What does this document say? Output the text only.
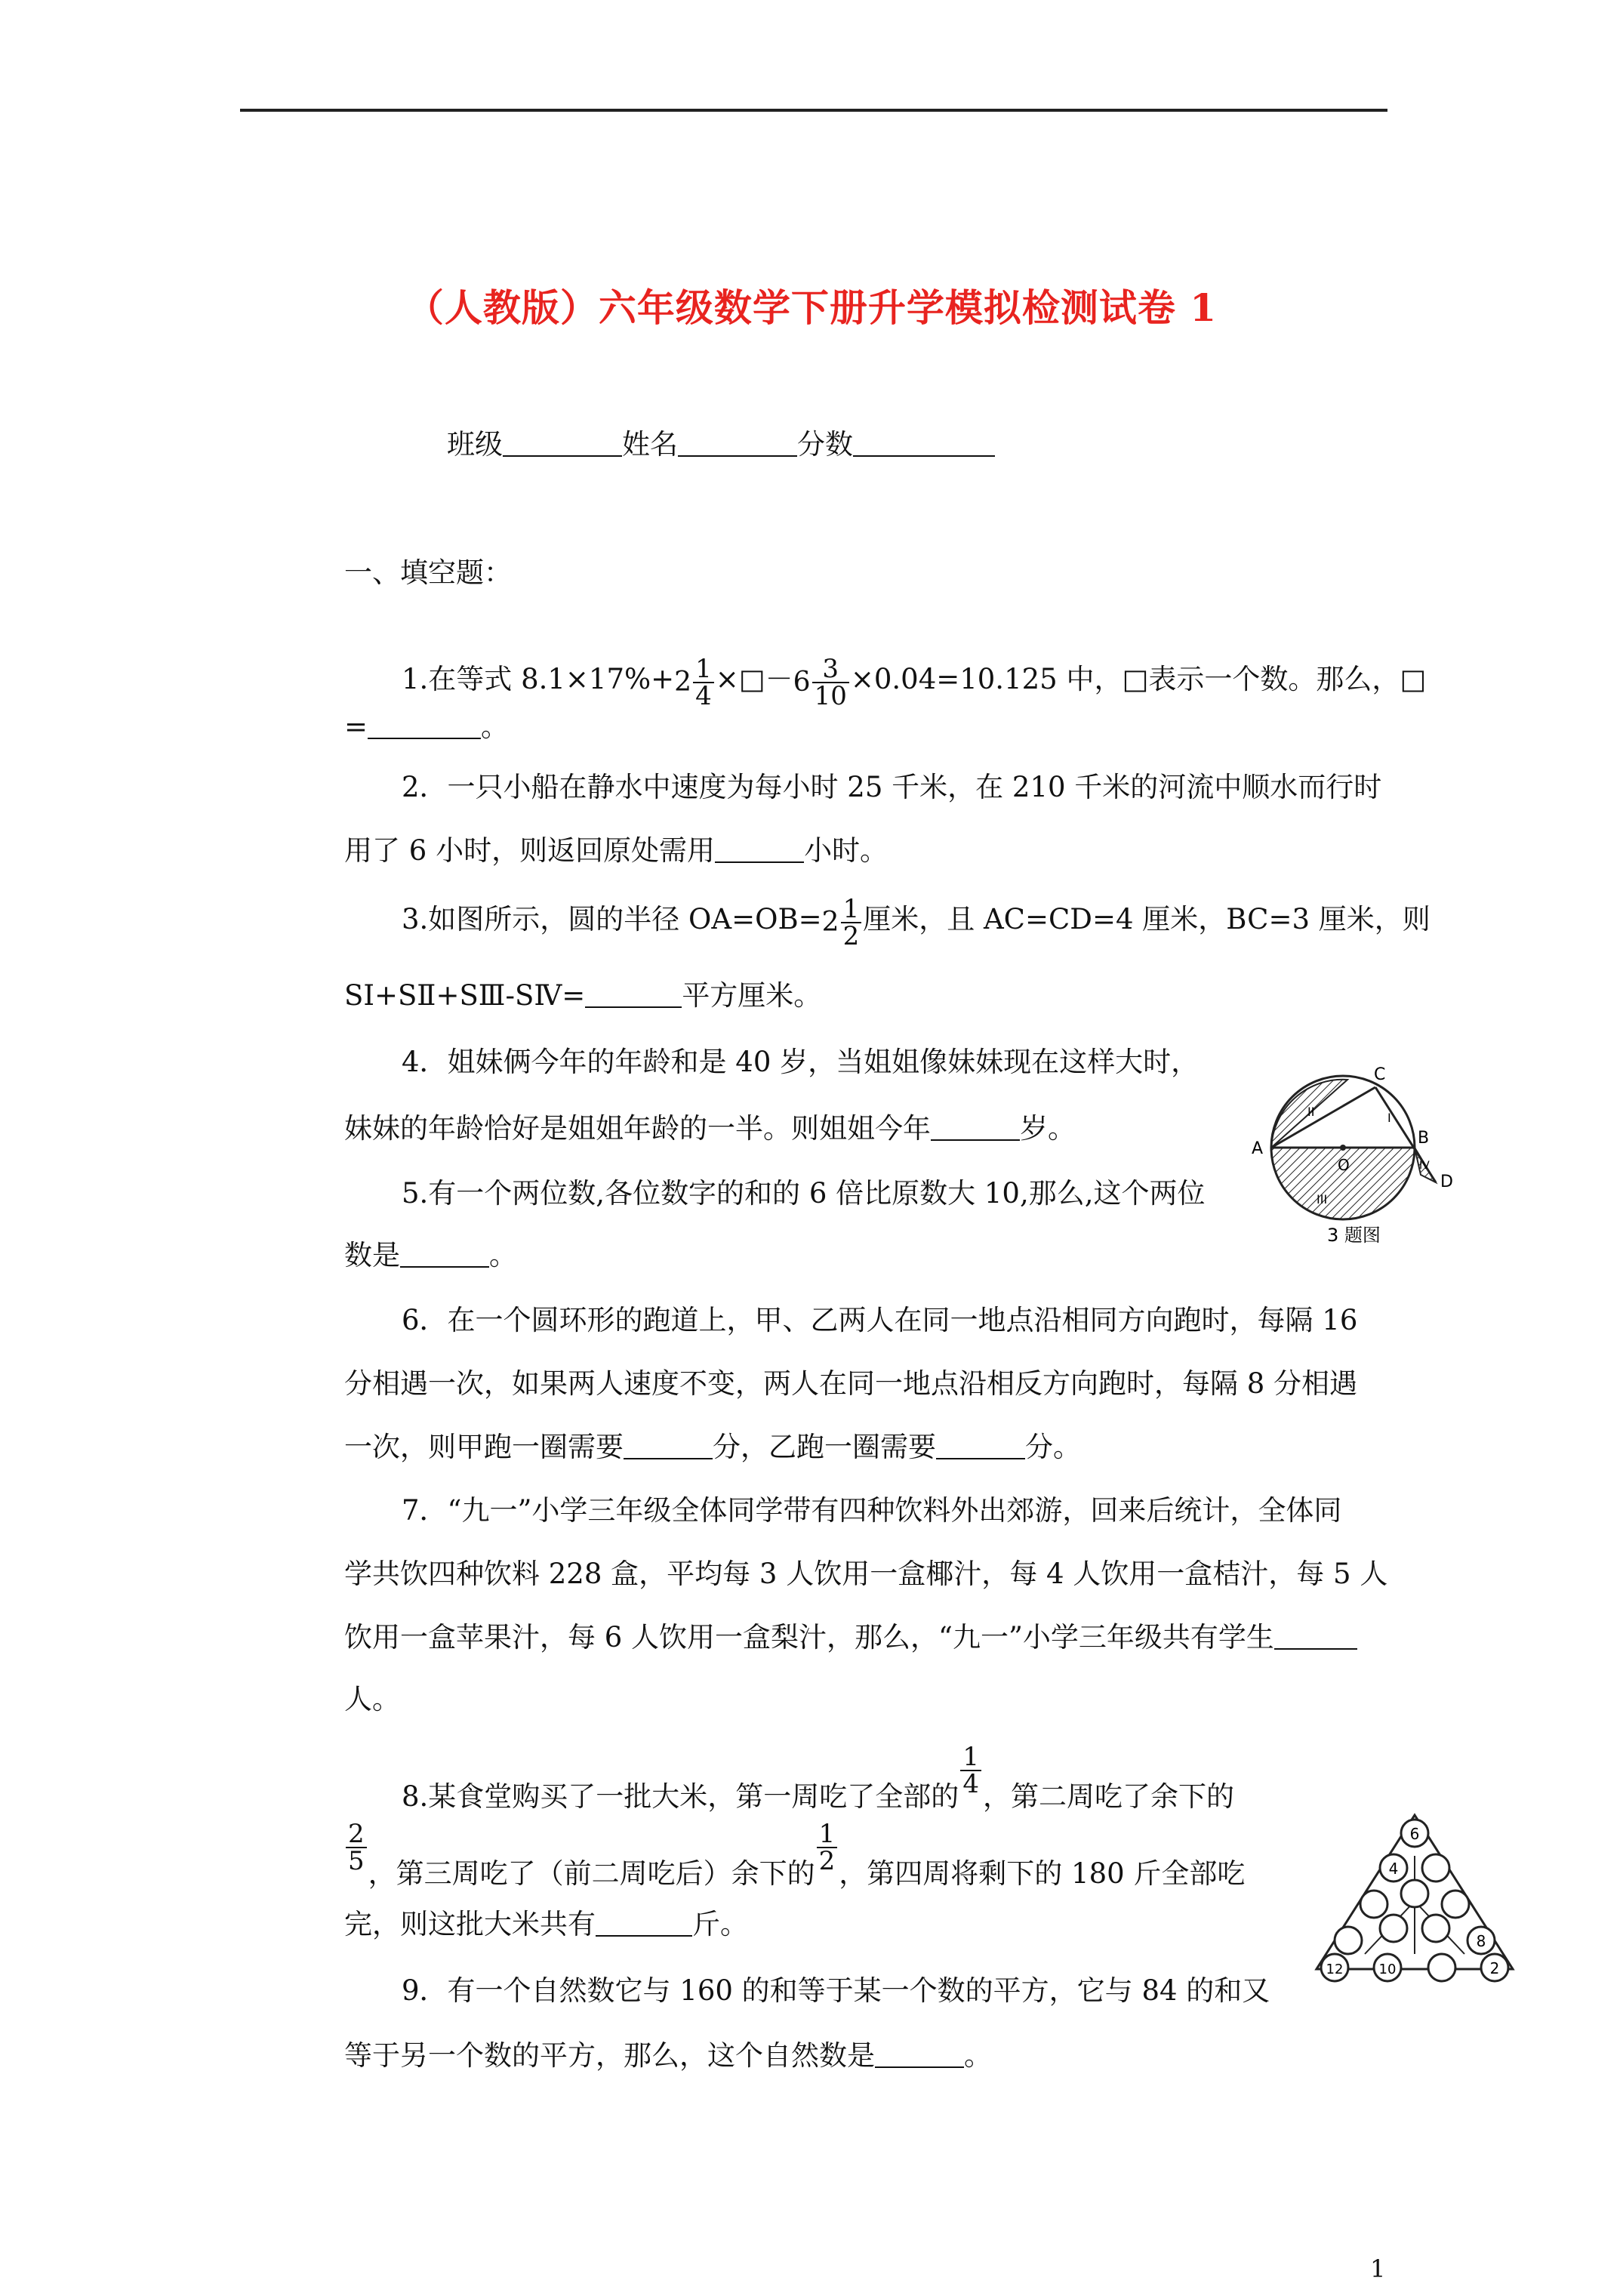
（人教版）六年级数学下册升学模拟检测试卷 1
班级	姓名	分数
一、填空题：
1.在等式 $8.1\times 17\%+2 \frac{1}{4}$ ×□－6 $\frac{3}{10} \times 0.04=10.125$ 中，□表示一个数。那么，□
=	。
2．一只小船在静水中速度为每小时 25 千米，在 210 千米的河流中顺水而行时
用了 6 小时，则返回原处需用	小时。
3.如图所示，圆的半径 $OA=OB=2 \frac{1}{2}$ 厘米，且 AC=CD=4 厘米，BC=3 厘米，则
SⅠ+SⅡ+SⅢ-SⅣ=	平方厘米。
4．姐妹俩今年的年龄和是 40 岁，当姐姐像妹妹现在这样大时，
妹妹的年龄恰好是姐姐年龄的一半。则姐姐今年	岁。
5.有一个两位数,各位数字的和的 6 倍比原数大 10,那么,这个两位
数是	。
6．在一个圆环形的跑道上，甲、乙两人在同一地点沿相同方向跑时，每隔 16
分相遇一次，如果两人速度不变，两人在同一地点沿相反方向跑时，每隔 8 分相遇
一次，则甲跑一圈需要	分，乙跑一圈需要	分。
7．“九一”小学三年级全体同学带有四种饮料外出郊游，回来后统计，全体同
学共饮四种饮料 228 盒，平均每 3 人饮用一盒椰汁，每 4 人饮用一盒桔汁，每 5 人
饮用一盒苹果汁，每 6 人饮用一盒梨汁，那么，“九一”小学三年级共有学生
人。
8.某食堂购买了一批大米，第一周吃了全部的 $\frac{1}{4}$ ，第二周吃了余下的
$\frac{2}{5}$ ，第三周吃了（前二周吃后）余下的 $\frac{1}{2}$ ，第四周将剩下的 180 斤全部吃
完，则这批大米共有	斤。
9．有一个自然数它与 160 的和等于某一个数的平方，它与 84 的和又
等于另一个数的平方，那么，这个自然数是	。
A
B
C
D
O
I
II
III
IV
3 题图
6
4
8
12	10	2
1
